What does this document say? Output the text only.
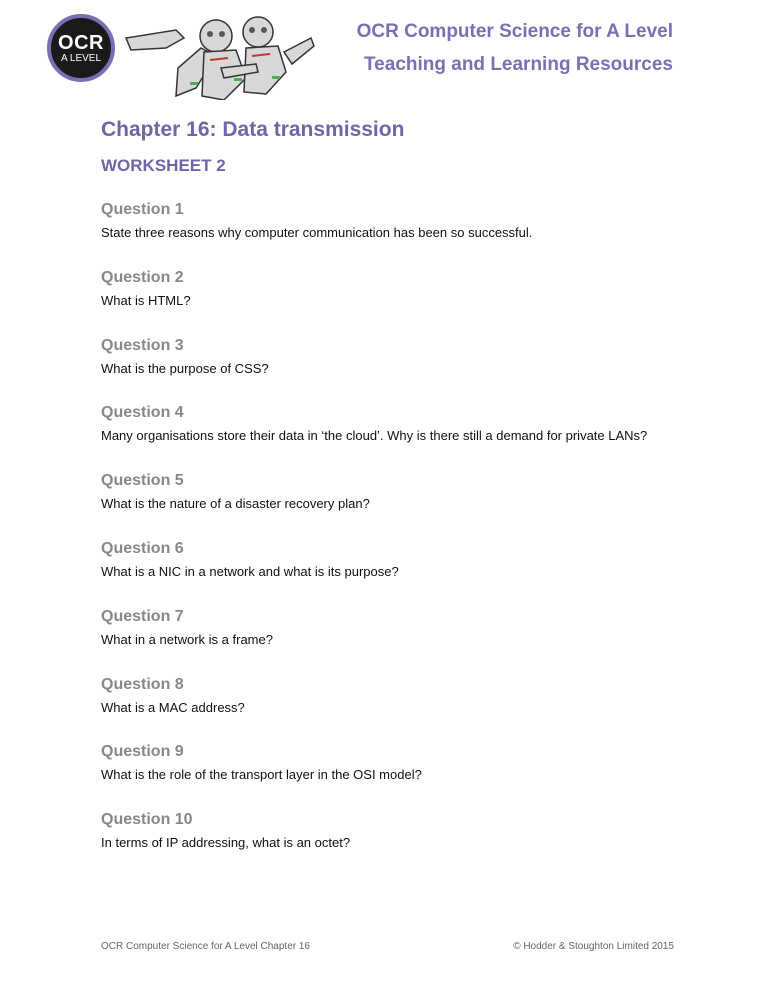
OCR
A LEVEL
OCR Computer Science for A Level
Teaching and Learning Resources
Chapter 16: Data transmission
WORKSHEET 2
Question 1
State three reasons why computer communication has been so successful.
Question 2
What is HTML?
Question 3
What is the purpose of CSS?
Question 4
Many organisations store their data in ‘the cloud’. Why is there still a demand for private LANs?
Question 5
What is the nature of a disaster recovery plan?
Question 6
What is a NIC in a network and what is its purpose?
Question 7
What in a network is a frame?
Question 8
What is a MAC address?
Question 9
What is the role of the transport layer in the OSI model?
Question 10
In terms of IP addressing, what is an octet?
OCR Computer Science for A Level Chapter 16	© Hodder & Stoughton Limited 2015
